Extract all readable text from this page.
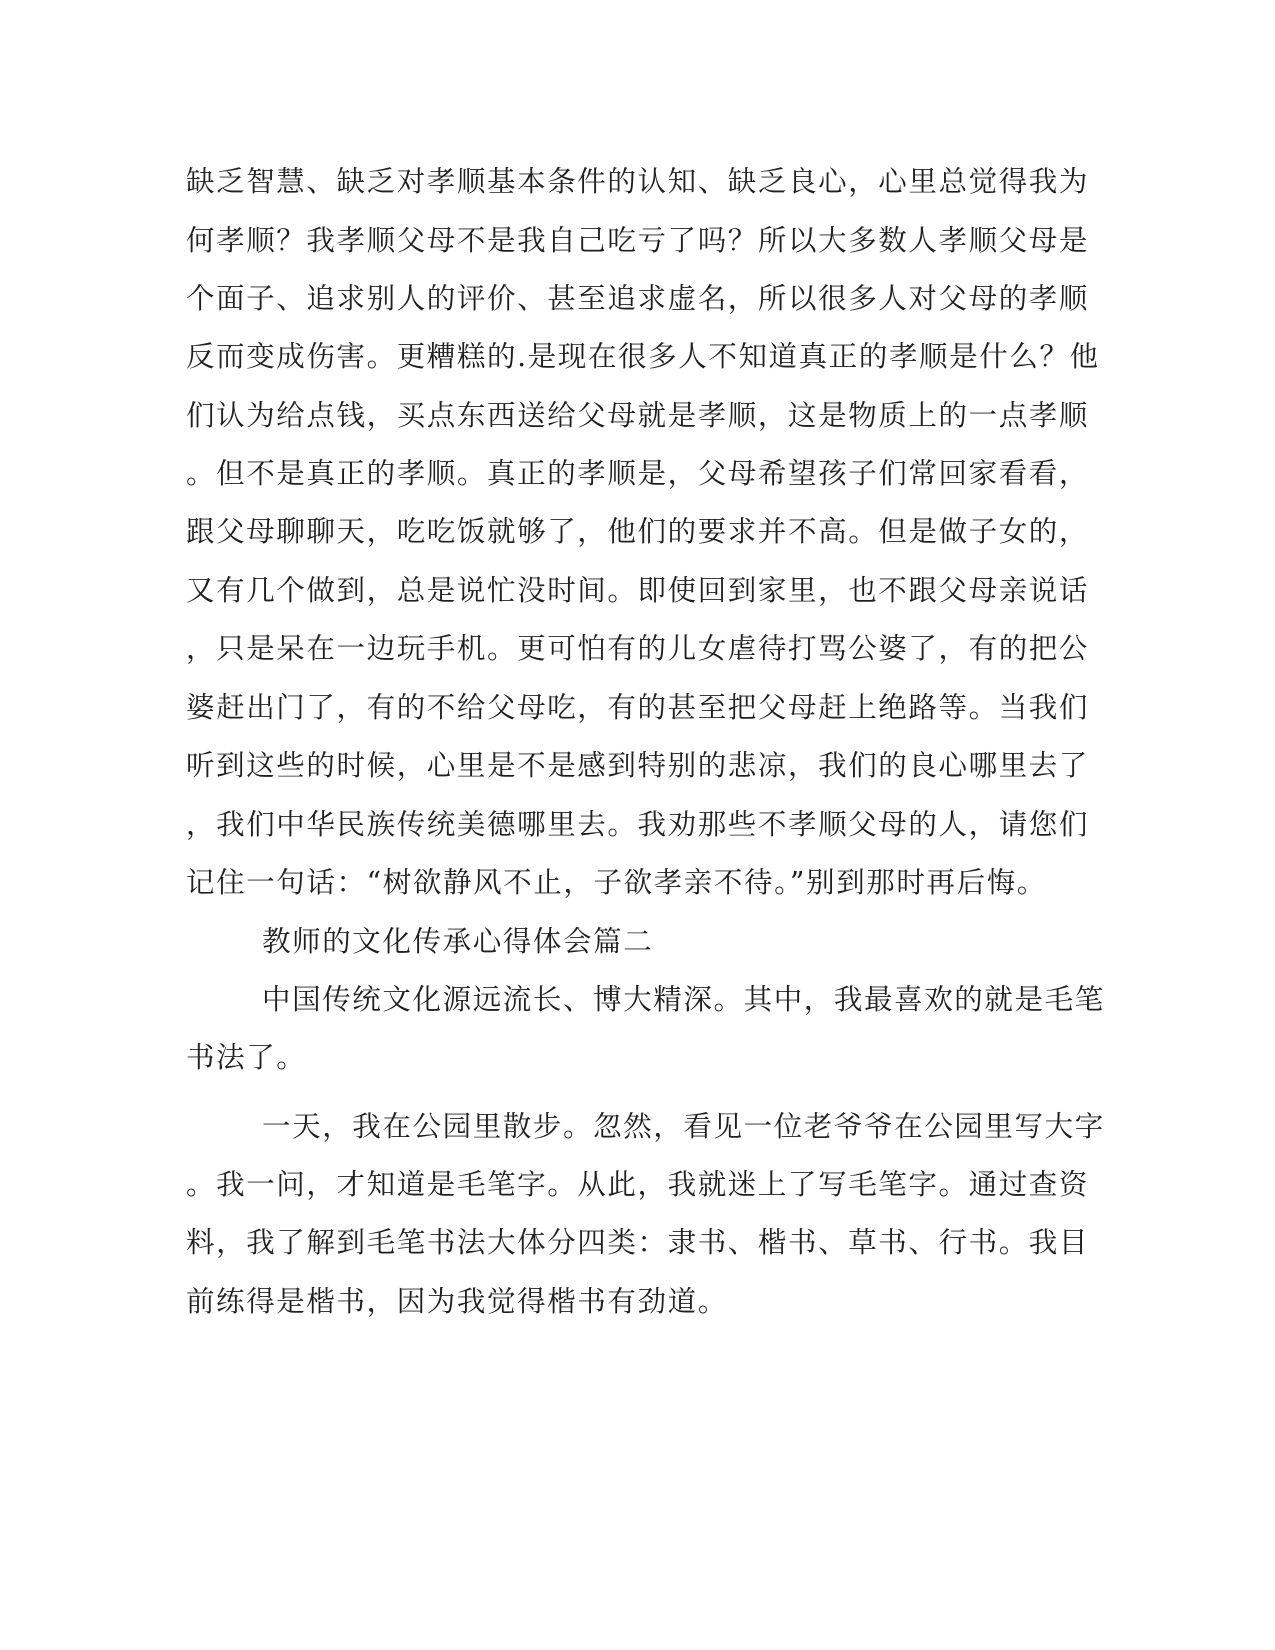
缺乏智慧、缺乏对孝顺基本条件的认知、缺乏良心，心里总觉得我为
何孝顺？我孝顺父母不是我自己吃亏了吗？所以大多数人孝顺父母是
个面子、追求别人的评价、甚至追求虚名，所以很多人对父母的孝顺
反而变成伤害。更糟糕的.是现在很多人不知道真正的孝顺是什么？他
们认为给点钱，买点东西送给父母就是孝顺，这是物质上的一点孝顺
。但不是真正的孝顺。真正的孝顺是，父母希望孩子们常回家看看，
跟父母聊聊天，吃吃饭就够了，他们的要求并不高。但是做子女的，
又有几个做到，总是说忙没时间。即使回到家里，也不跟父母亲说话
，只是呆在一边玩手机。更可怕有的儿女虐待打骂公婆了，有的把公
婆赶出门了，有的不给父母吃，有的甚至把父母赶上绝路等。当我们
听到这些的时候，心里是不是感到特别的悲凉，我们的良心哪里去了
，我们中华民族传统美德哪里去。我劝那些不孝顺父母的人，请您们
记住一句话：“树欲静风不止，子欲孝亲不待。”别到那时再后悔。
教师的文化传承心得体会篇二
中国传统文化源远流长、博大精深。其中，我最喜欢的就是毛笔
书法了。
一天，我在公园里散步。忽然，看见一位老爷爷在公园里写大字
。我一问，才知道是毛笔字。从此，我就迷上了写毛笔字。通过查资
料，我了解到毛笔书法大体分四类：隶书、楷书、草书、行书。我目
前练得是楷书，因为我觉得楷书有劲道。
